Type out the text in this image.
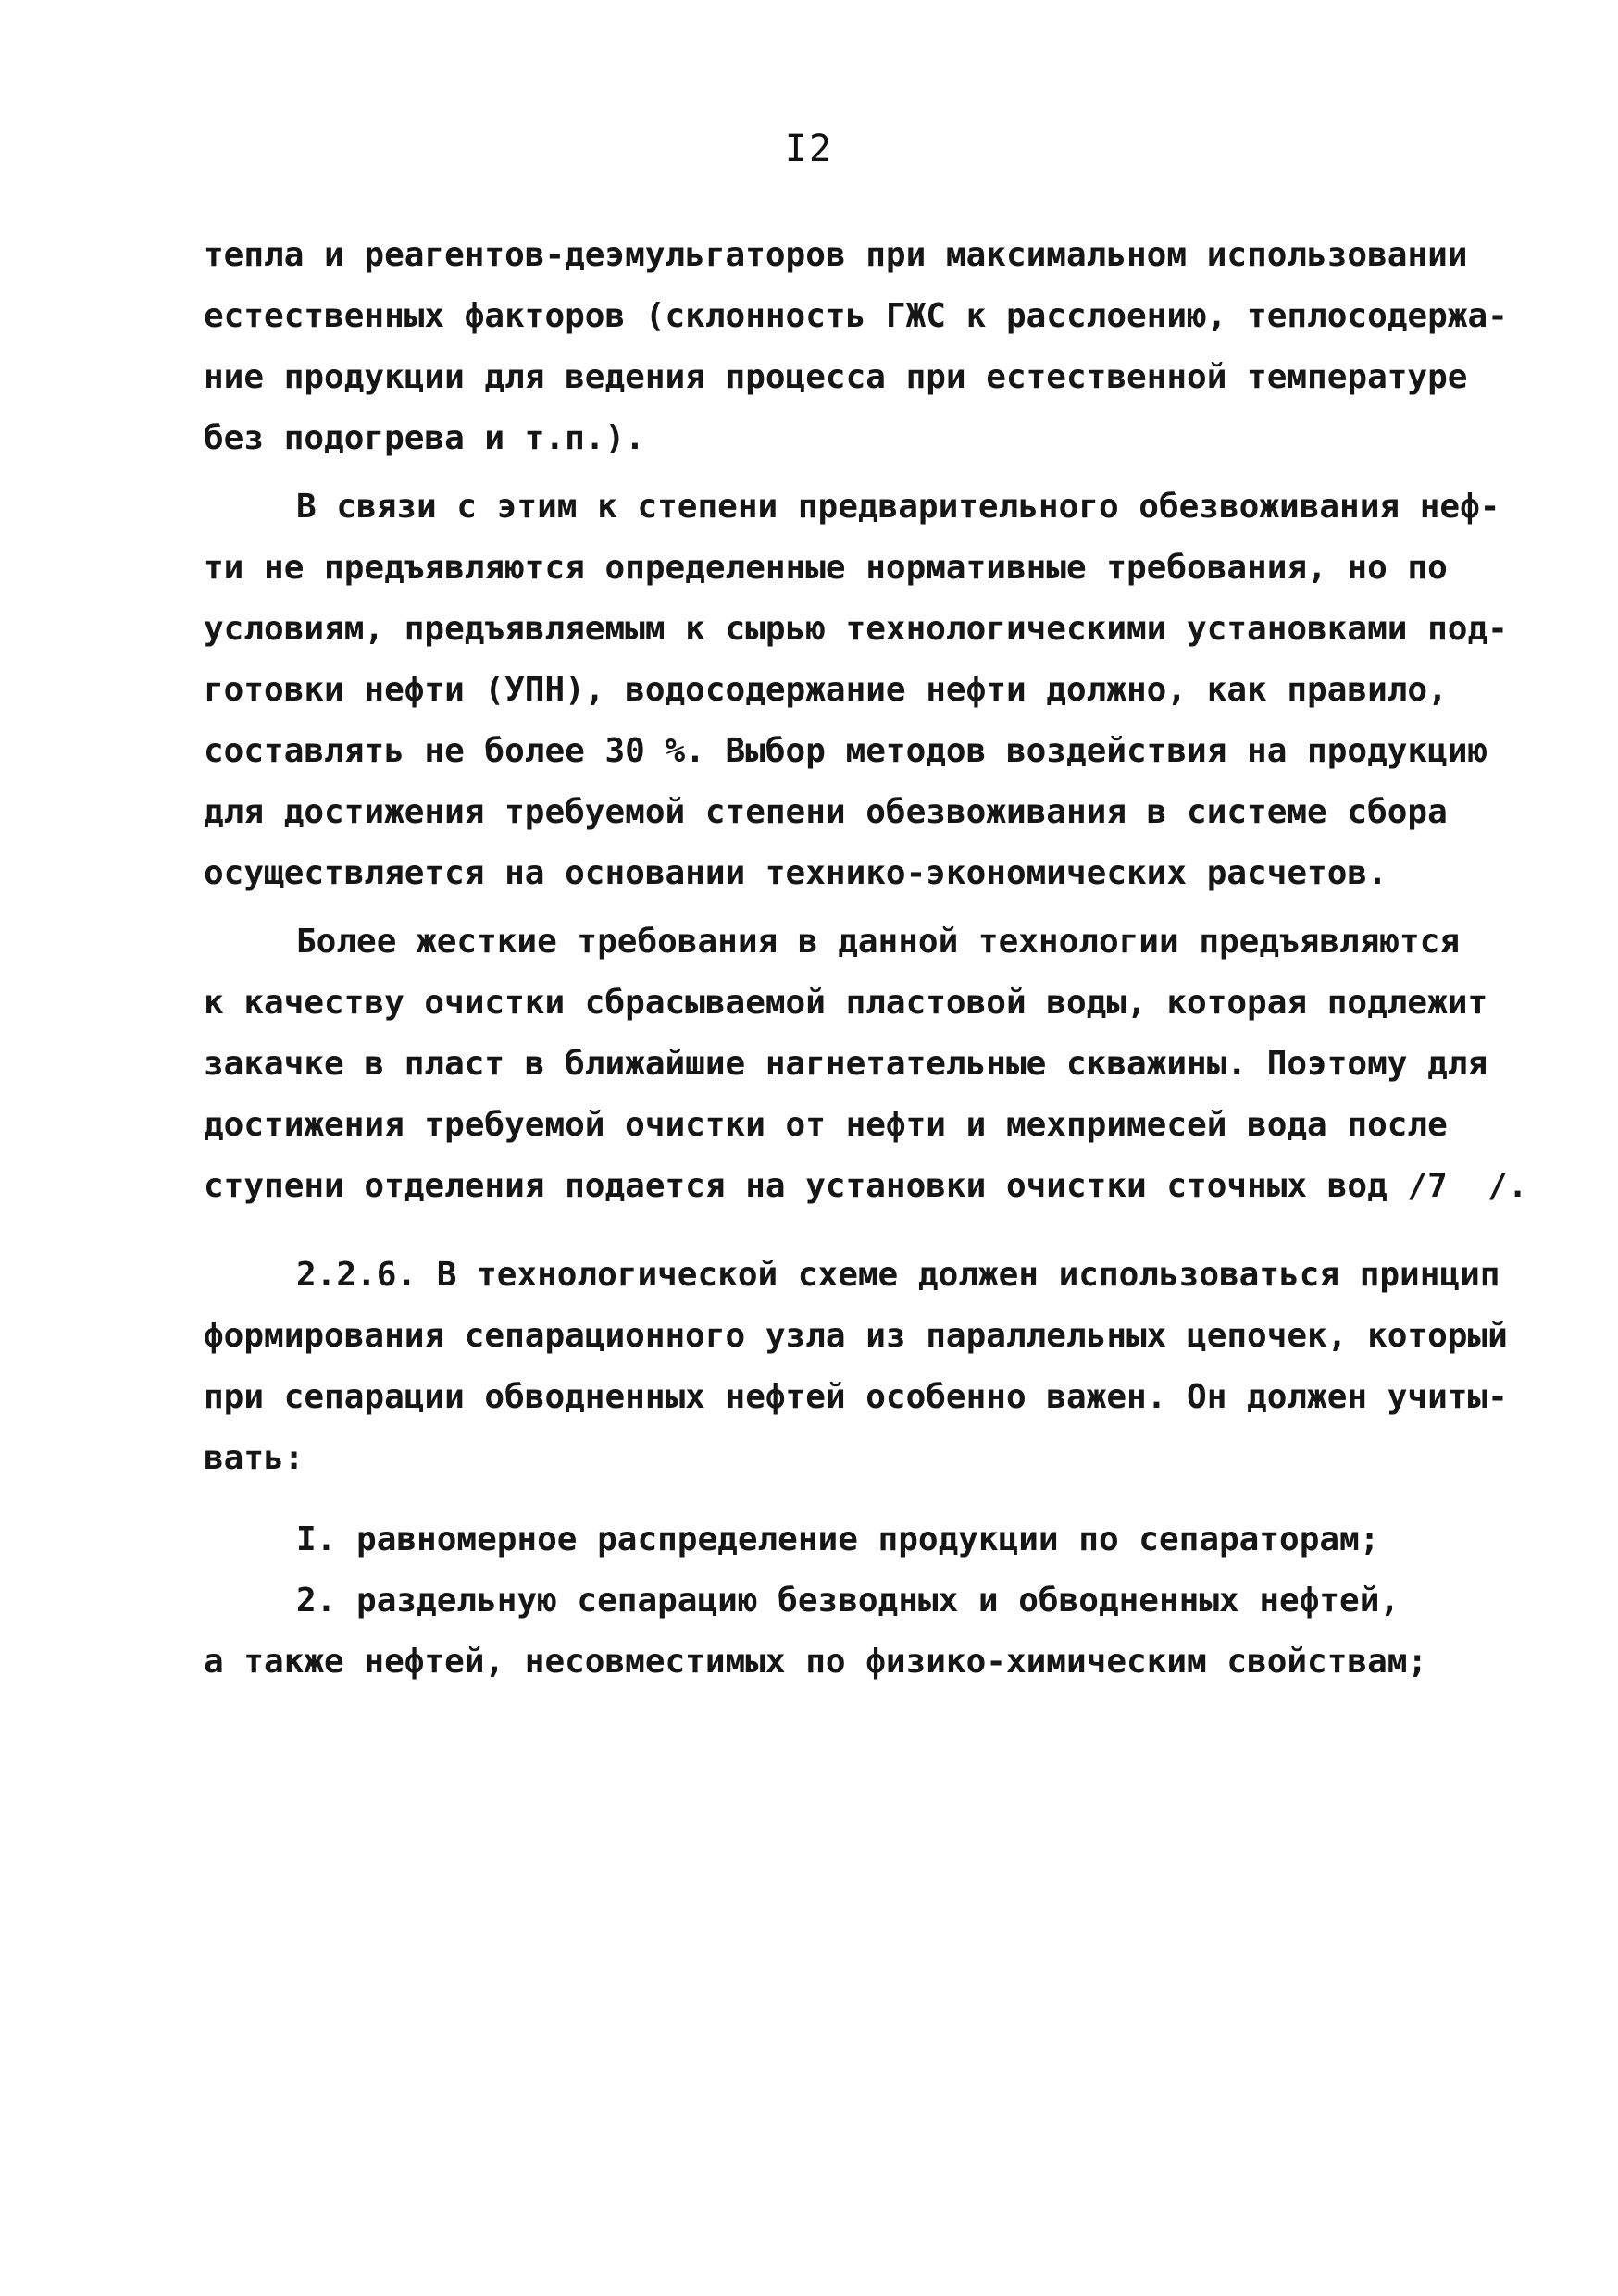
I2
тепла и реагентов-деэмульгаторов при максимальном использовании
естественных факторов (склонность ГЖС к расслоению, теплосодержа-
ние продукции для ведения процесса при естественной температуре
без подогрева и т.п.).
В связи с этим к степени предварительного обезвоживания неф-
ти не предъявляются определенные нормативные требования, но по
условиям, предъявляемым к сырью технологическими установками под-
готовки нефти (УПН), водосодержание нефти должно, как правило,
составлять не более 30 %. Выбор методов воздействия на продукцию
для достижения требуемой степени обезвоживания в системе сбора
осуществляется на основании технико-экономических расчетов.
Более жесткие требования в данной технологии предъявляются
к качеству очистки сбрасываемой пластовой воды, которая подлежит
закачке в пласт в ближайшие нагнетательные скважины. Поэтому для
достижения требуемой очистки от нефти и мехпримесей вода после
ступени отделения подается на установки очистки сточных вод /7  /.
2.2.6. В технологической схеме должен использоваться принцип
формирования сепарационного узла из параллельных цепочек, который
при сепарации обводненных нефтей особенно важен. Он должен учиты-
вать:
I. равномерное распределение продукции по сепараторам;
2. раздельную сепарацию безводных и обводненных нефтей,
а также нефтей, несовместимых по физико-химическим свойствам;
